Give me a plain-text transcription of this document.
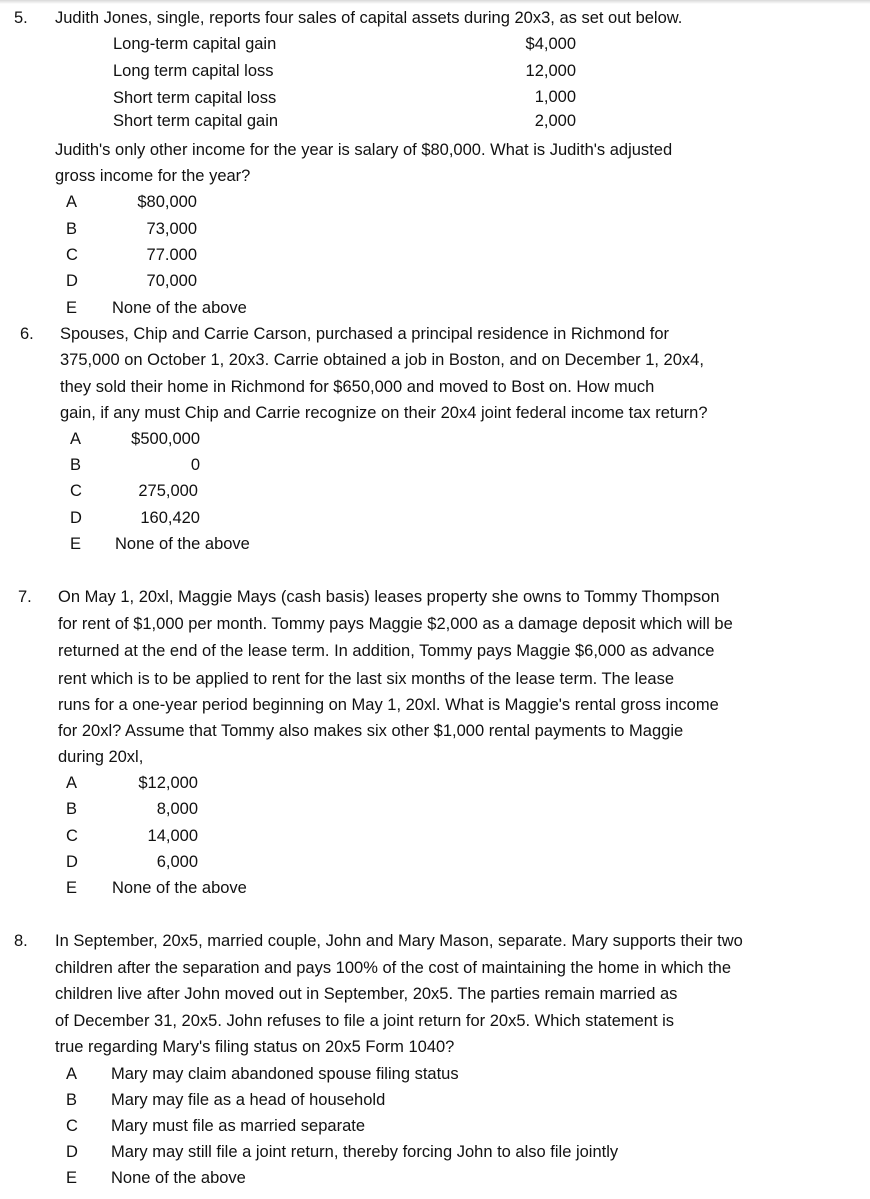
5. Judith Jones, single, reports four sales of capital assets during 20x3, as set out below.
Long-term capital gain	$4,000
Long term capital loss	12,000
Short term capital loss	1,000
Short term capital gain	2,000
Judith's only other income for the year is salary of $80,000. What is Judith's adjusted
gross income for the year?
A	$80,000
B	73,000
C	77.000
D	70,000
E None of the above
6. Spouses, Chip and Carrie Carson, purchased a principal residence in Richmond for
375,000 on October 1, 20x3. Carrie obtained a job in Boston, and on December 1, 20x4,
they sold their home in Richmond for $650,000 and moved to Bost on. How much
gain, if any must Chip and Carrie recognize on their 20x4 joint federal income tax return?
A	$500,000
B	0
C	275,000
D	160,420
E None of the above
7. On May 1, 20xl, Maggie Mays (cash basis) leases property she owns to Tommy Thompson
for rent of $1,000 per month. Tommy pays Maggie $2,000 as a damage deposit which will be
returned at the end of the lease term. In addition, Tommy pays Maggie $6,000 as advance
rent which is to be applied to rent for the last six months of the lease term. The lease
runs for a one-year period beginning on May 1, 20xl. What is Maggie's rental gross income
for 20xl? Assume that Tommy also makes six other $1,000 rental payments to Maggie
during 20xl,
A	$12,000
B	8,000
C	14,000
D	6,000
E None of the above
8. In September, 20x5, married couple, John and Mary Mason, separate. Mary supports their two
children after the separation and pays 100% of the cost of maintaining the home in which the
children live after John moved out in September, 20x5. The parties remain married as
of December 31, 20x5. John refuses to file a joint return for 20x5. Which statement is
true regarding Mary's filing status on 20x5 Form 1040?
A Mary may claim abandoned spouse filing status
B Mary may file as a head of household
C Mary must file as married separate
D Mary may still file a joint return, thereby forcing John to also file jointly
E None of the above
